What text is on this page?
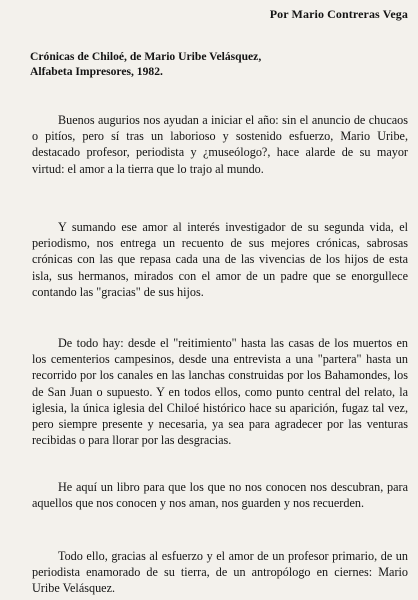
Por Mario Contreras Vega
Crónicas de Chiloé, de Mario Uribe Velásquez,
Alfabeta Impresores, 1982.

Buenos augurios nos ayudan a iniciar el año: sin el anuncio de chucaos o pitíos, pero sí tras un laborioso y sostenido esfuerzo, Mario Uribe, destacado profesor, periodista y ¿museólogo?, hace alarde de su mayor virtud: el amor a la tierra que lo trajo al mundo.

Y sumando ese amor al interés investigador de su segunda vida, el periodismo, nos entrega un recuento de sus mejores crónicas, sabrosas crónicas con las que repasa cada una de las vivencias de los hijos de esta isla, sus hermanos, mirados con el amor de un padre que se enorgullece contando las "gracias" de sus hijos.

De todo hay: desde el "reitimiento" hasta las casas de los muertos en los cementerios campesinos, desde una entrevista a una "partera" hasta un recorrido por los canales en las lanchas construidas por los Bahamondes, los de San Juan o supuesto. Y en todos ellos, como punto central del relato, la iglesia, la única iglesia del Chiloé histórico hace su aparición, fugaz tal vez, pero siempre presente y necesaria, ya sea para agradecer por las venturas recibidas o para llorar por las desgracias.

He aquí un libro para que los que no nos conocen nos descubran, para aquellos que nos conocen y nos aman, nos guarden y nos recuerden.

Todo ello, gracias al esfuerzo y el amor de un profesor primario, de un periodista enamorado de su tierra, de un antropólogo en ciernes: Mario Uribe Velásquez.
